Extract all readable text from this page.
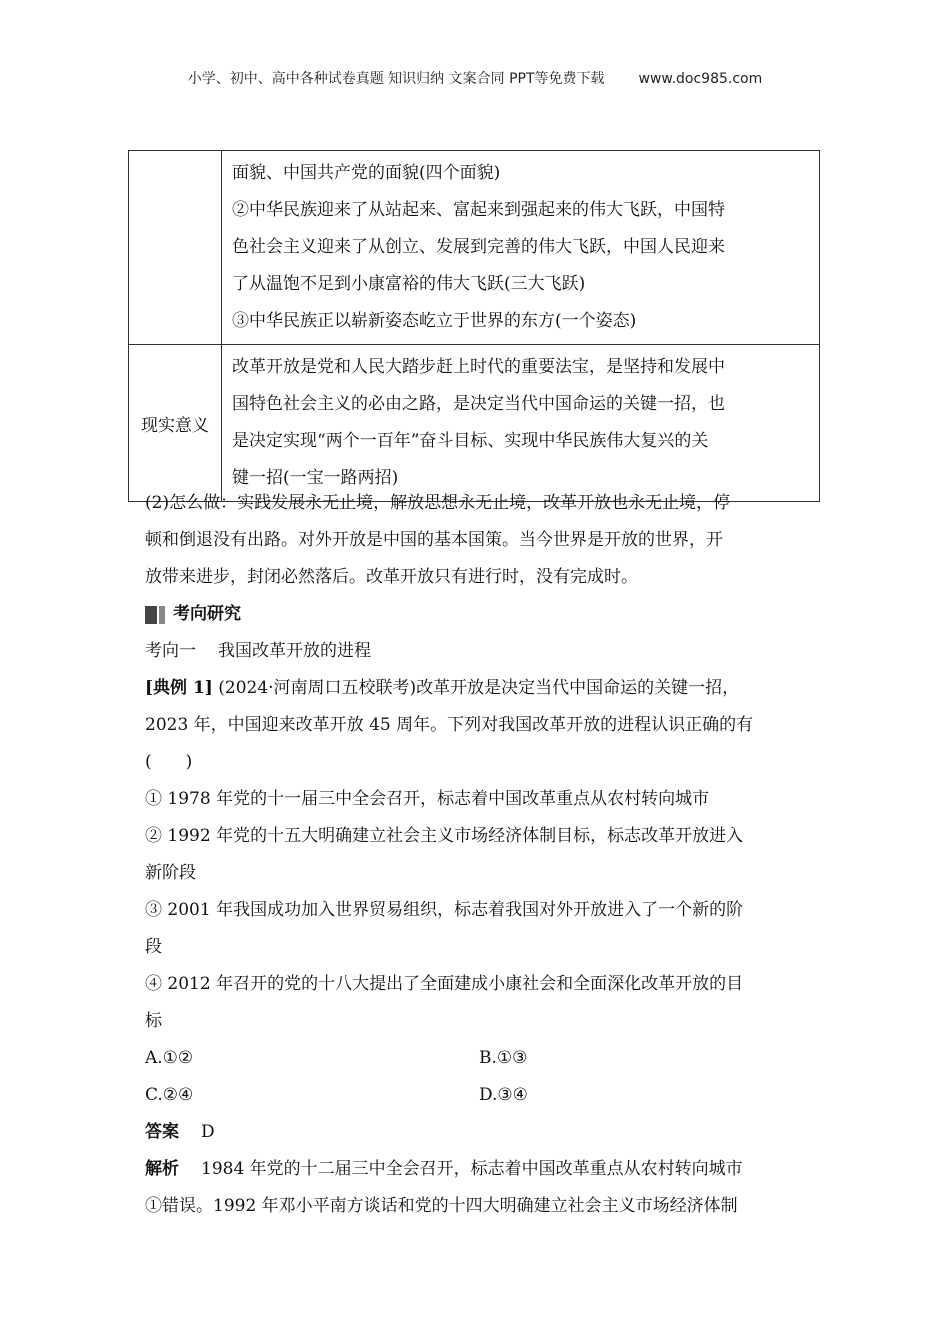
小学、初中、高中各种试卷真题 知识归纳 文案合同 PPT等免费下载 www.doc985.com

	面貌、中国共产党的面貌(四个面貌)

②中华民族迎来了从站起来、富起来到强起来的伟大飞跃，中国特

色社会主义迎来了从创立、发展到完善的伟大飞跃，中国人民迎来

了从温饱不足到小康富裕的伟大飞跃(三大飞跃)

③中华民族正以崭新姿态屹立于世界的东方(一个姿态)

现实意义	改革开放是党和人民大踏步赶上时代的重要法宝，是坚持和发展中

国特色社会主义的必由之路，是决定当代中国命运的关键一招，也

是决定实现“两个一百年”奋斗目标、实现中华民族伟大复兴的关

键一招(一宝一路两招)

(2)怎么做：实践发展永无止境，解放思想永无止境，改革开放也永无止境，停

顿和倒退没有出路。对外开放是中国的基本国策。当今世界是开放的世界，开

放带来进步，封闭必然落后。改革开放只有进行时，没有完成时。

考向研究

考向一 我国改革开放的进程

[典例 1] (2024·河南周口五校联考)改革开放是决定当代中国命运的关键一招，

2023 年，中国迎来改革开放 45 周年。下列对我国改革开放的进程认识正确的有

(　　)

① 1978 年党的十一届三中全会召开，标志着中国改革重点从农村转向城市

② 1992 年党的十五大明确建立社会主义市场经济体制目标，标志改革开放进入

新阶段

③ 2001 年我国成功加入世界贸易组织，标志着我国对外开放进入了一个新的阶

段

④ 2012 年召开的党的十八大提出了全面建成小康社会和全面深化改革开放的目

标

A.①②	B.①③
C.②④	D.③④

答案 D

解析 1984 年党的十二届三中全会召开，标志着中国改革重点从农村转向城市

①错误。1992 年邓小平南方谈话和党的十四大明确建立社会主义市场经济体制
